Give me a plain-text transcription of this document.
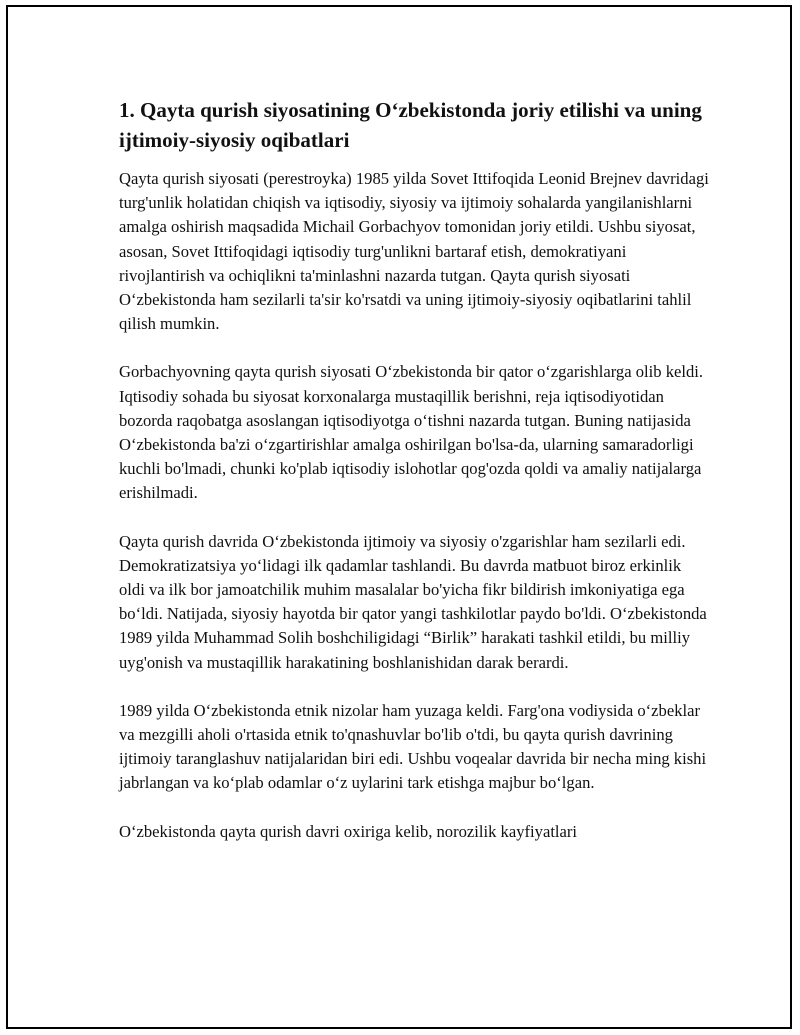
1. Qayta qurish siyosatining O‘zbekistonda joriy etilishi va uning ijtimoiy-siyosiy oqibatlari

Qayta qurish siyosati (perestroyka) 1985 yilda Sovet Ittifoqida Leonid Brejnev davridagi turg'unlik holatidan chiqish va iqtisodiy, siyosiy va ijtimoiy sohalarda yangilanishlarni amalga oshirish maqsadida Michail Gorbachyov tomonidan joriy etildi. Ushbu siyosat, asosan, Sovet Ittifoqidagi iqtisodiy turg'unlikni bartaraf etish, demokratiyani rivojlantirish va ochiqlikni ta'minlashni nazarda tutgan. Qayta qurish siyosati O‘zbekistonda ham sezilarli ta'sir ko'rsatdi va uning ijtimoiy-siyosiy oqibatlarini tahlil qilish mumkin.

Gorbachyovning qayta qurish siyosati O‘zbekistonda bir qator o‘zgarishlarga olib keldi. Iqtisodiy sohada bu siyosat korxonalarga mustaqillik berishni, reja iqtisodiyotidan bozorda raqobatga asoslangan iqtisodiyotga o‘tishni nazarda tutgan. Buning natijasida O‘zbekistonda ba'zi o‘zgartirishlar amalga oshirilgan bo'lsa-da, ularning samaradorligi kuchli bo'lmadi, chunki ko'plab iqtisodiy islohotlar qog'ozda qoldi va amaliy natijalarga erishilmadi.

Qayta qurish davrida O‘zbekistonda ijtimoiy va siyosiy o'zgarishlar ham sezilarli edi. Demokratizatsiya yo‘lidagi ilk qadamlar tashlandi. Bu davrda matbuot biroz erkinlik oldi va ilk bor jamoatchilik muhim masalalar bo'yicha fikr bildirish imkoniyatiga ega bo‘ldi. Natijada, siyosiy hayotda bir qator yangi tashkilotlar paydo bo'ldi. O‘zbekistonda 1989 yilda Muhammad Solih boshchiligidagi “Birlik” harakati tashkil etildi, bu milliy uyg'onish va mustaqillik harakatining boshlanishidan darak berardi.

1989 yilda O‘zbekistonda etnik nizolar ham yuzaga keldi. Farg'ona vodiysida o‘zbeklar va mezgilli aholi o'rtasida etnik to'qnashuvlar bo'lib o'tdi, bu qayta qurish davrining ijtimoiy taranglashuv natijalaridan biri edi. Ushbu voqealar davrida bir necha ming kishi jabrlangan va ko‘plab odamlar o‘z uylarini tark etishga majbur bo‘lgan.

O‘zbekistonda qayta qurish davri oxiriga kelib, norozilik kayfiyatlari
